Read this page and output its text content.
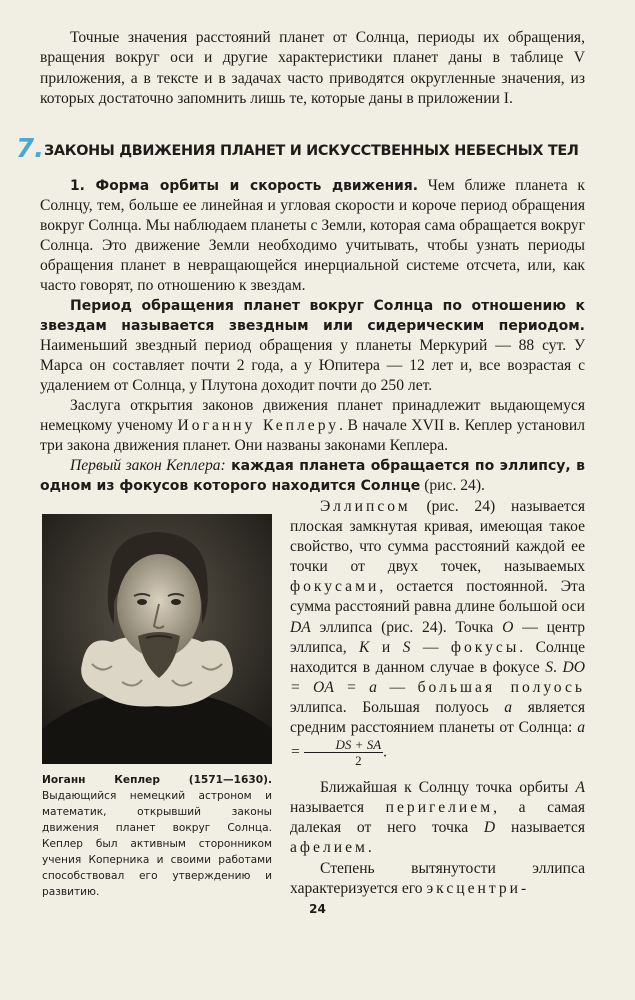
Точные значения расстояний планет от Солнца, периоды их обращения, вращения вокруг оси и другие характеристики планет даны в таблице V приложения, а в тексте и в задачах часто приводятся округленные значения, из которых достаточно запомнить лишь те, которые даны в приложении I.

7. ЗАКОНЫ ДВИЖЕНИЯ ПЛАНЕТ И ИСКУССТВЕННЫХ НЕБЕСНЫХ ТЕЛ

1. Форма орбиты и скорость движения. Чем ближе планета к Солнцу, тем, больше ее линейная и угловая скорости и короче период обращения вокруг Солнца. Мы наблюдаем планеты с Земли, которая сама обращается вокруг Солнца. Это движение Земли необходимо учитывать, чтобы узнать периоды обращения планет в невращающейся инерциальной системе отсчета, или, как часто говорят, по отношению к звездам.

Период обращения планет вокруг Солнца по отношению к звездам называется звездным или сидерическим периодом. Наименьший звездный период обращения у планеты Меркурий — 88 сут. У Марса он составляет почти 2 года, а у Юпитера — 12 лет и, все возрастая с удалением от Солнца, у Плутона доходит почти до 250 лет.

Заслуга открытия законов движения планет принадлежит выдающемуся немецкому ученому Иоганну Кеплеру. В начале XVII в. Кеплер установил три закона движения планет. Они названы законами Кеплера.

Первый закон Кеплера: каждая планета обращается по эллипсу, в одном из фокусов которого находится Солнце (рис. 24).

Иоганн Кеплер (1571—1630). Выдающийся немецкий астроном и математик, открывший законы движения планет вокруг Солнца. Кеплер был активным сторонником учения Коперника и своими работами способствовал его утверждению и развитию.

Эллипсом (рис. 24) называется плоская замкнутая кривая, имеющая такое свойство, что сумма расстояний каждой ее точки от двух точек, называемых фокусами, остается постоянной. Эта сумма расстояний равна длине большой оси DA эллипса (рис. 24). Точка O — центр эллипса, K и S — фокусы. Солнце находится в данном случае в фокусе S. DO = OA = a — большая полуось эллипса. Большая полуось a является средним расстоянием планеты от Солнца: $a = \frac{DS + SA}{2}$ .

Ближайшая к Солнцу точка орбиты A называется перигелием, а самая далекая от него точка D называется афелием.

Степень вытянутости эллипса характеризуется его эксцентри-

24
